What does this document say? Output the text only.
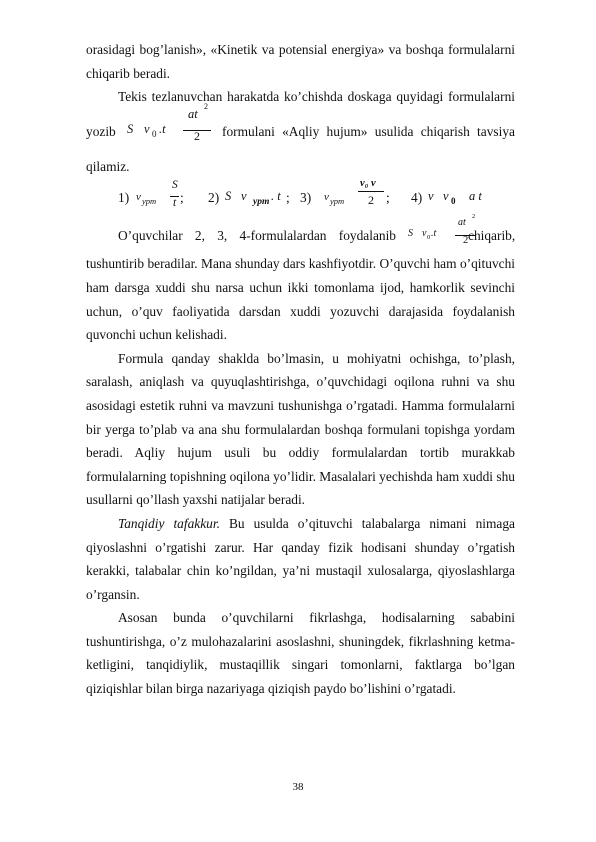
orasidagi bog’lanish», «Kinetik va potensial energiya» va boshqa formulalarni chiqarib beradi.

Tekis tezlanuvchan harakatda ko’chishda doskaga quyidagi formulalarni

yozib S v 0 .t
at
2
2 formulani «Aqliy hujum» usulida chiqarish tavsiya

qilamiz.

1) v ypm
S
t ; 2) S v ypm . t ; 3) v ypm
v₀ v
2 ; 4) v v 0 a t
O’quvchilar 2, 3, 4-formulalardan foydalanib S v 0 .t
at
2
2 chiqarib,

tushuntirib beradilar. Mana shunday dars kashfiyotdir. O’quvchi ham o’qituvchi ham darsga xuddi shu narsa uchun ikki tomonlama ijod, hamkorlik sevinchi uchun, o’quv faoliyatida darsdan xuddi yozuvchi darajasida foydalanish quvonchi uchun kelishadi.

Formula qanday shaklda bo’lmasin, u mohiyatni ochishga, to’plash, saralash, aniqlash va quyuqlashtirishga, o’quvchidagi oqilona ruhni va shu asosidagi estetik ruhni va mavzuni tushunishga o’rgatadi. Hamma formulalarni bir yerga to’plab va ana shu formulalardan boshqa formulani topishga yordam beradi. Aqliy hujum usuli bu oddiy formulalardan tortib murakkab formulalarning topishning oqilona yo’lidir. Masalalari yechishda ham xuddi shu usullarni qo’llash yaxshi natijalar beradi.

Tanqidiy tafakkur. Bu usulda o’qituvchi talabalarga nimani nimaga qiyoslashni o’rgatishi zarur. Har qanday fizik hodisani shunday o’rgatish kerakki, talabalar chin ko’ngildan, ya’ni mustaqil xulosalarga, qiyoslashlarga o’rgansin.

Asosan bunda o’quvchilarni fikrlashga, hodisalarning sababini tushuntirishga, o’z mulohazalarini asoslashni, shuningdek, fikrlashning ketma-ketligini, tanqidiylik, mustaqillik singari tomonlarni, faktlarga bo’lgan qiziqishlar bilan birga nazariyaga qiziqish paydo bo’lishini o’rgatadi.

38
